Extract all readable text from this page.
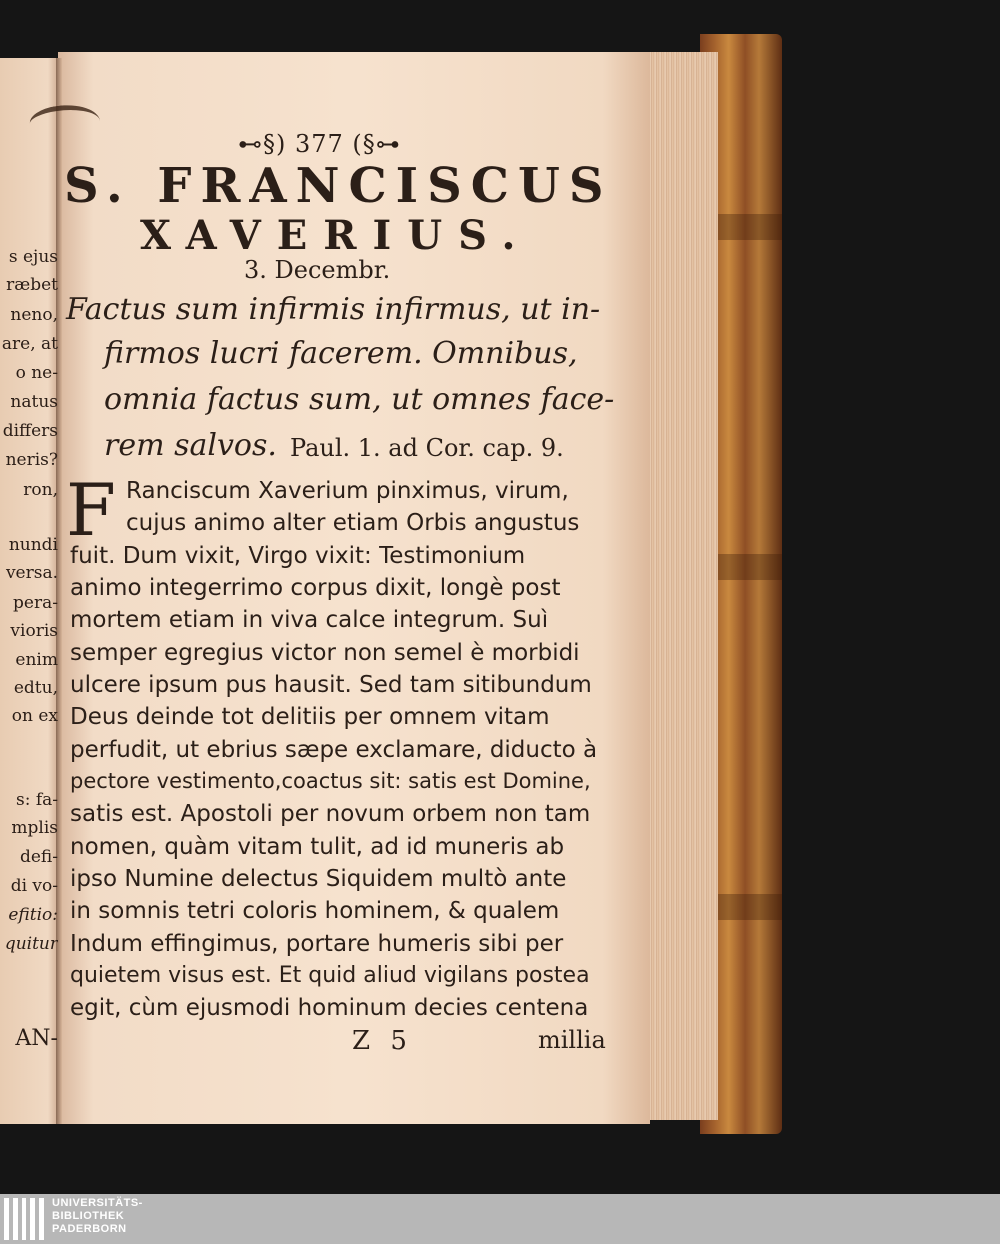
s ejus
ræbet
neno,
are, at
o ne-
natus
differs
neris?
ron,
nundi
versa.
pera-
vioris
enim
edtu,
on ex
s: fa-
mplis
defi-
di vo-
efitio:
quitur
AN-
⊷§) 377 (§⊶
S. FRANCISCUS
XAVERIUS.
3. Decembr.
Factus sum infirmis infirmus, ut in-
firmos lucri facerem. Omnibus,
omnia factus sum, ut omnes face-
rem salvos. Paul. 1. ad Cor. cap. 9.
F Ranciscum Xaverium pinximus, virum,
cujus animo alter etiam Orbis angustus
fuit. Dum vixit, Virgo vixit: Testimonium
animo integerrimo corpus dixit, longè post
mortem etiam in viva calce integrum. Suì
semper egregius victor non semel è morbidi
ulcere ipsum pus hausit. Sed tam sitibundum
Deus deinde tot delitiis per omnem vitam
perfudit, ut ebrius sæpe exclamare, diducto à
pectore vestimento,coactus sit: satis est Domine,
satis est. Apostoli per novum orbem non tam
nomen, quàm vitam tulit, ad id muneris ab
ipso Numine delectus Siquidem multò ante
in somnis tetri coloris hominem, & qualem
Indum effingimus, portare humeris sibi per
quietem visus est. Et quid aliud vigilans postea
egit, cùm ejusmodi hominum decies centena
Z 5	millia
UNIVERSITÄTS-
BIBLIOTHEK
PADERBORN
